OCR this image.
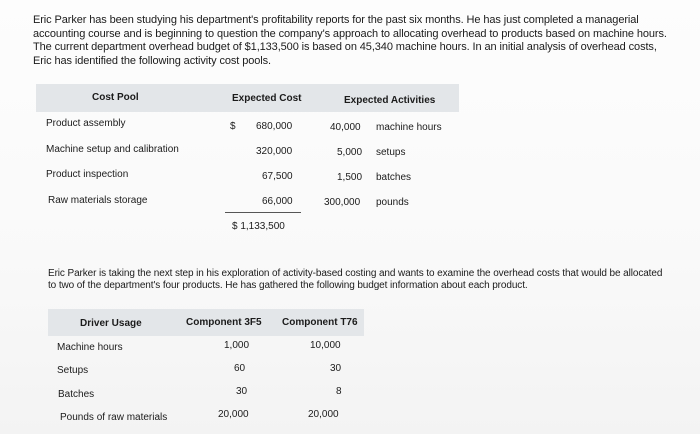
Eric Parker has been studying his department's profitability reports for the past six months. He has just completed a managerial accounting course and is beginning to question the company's approach to allocating overhead to products based on machine hours. The current department overhead budget of $1,133,500 is based on 45,340 machine hours. In an initial analysis of overhead costs, Eric has identified the following activity cost pools.

Cost Pool	Expected Cost	Expected Activities
Product assembly	$ 680,000	40,000 machine hours
Machine setup and calibration	320,000	5,000 setups
Product inspection	67,500	1,500 batches
Raw materials storage	66,000	300,000 pounds
$ 1,133,500

Eric Parker is taking the next step in his exploration of activity-based costing and wants to examine the overhead costs that would be allocated to two of the department's four products. He has gathered the following budget information about each product.

Driver Usage	Component 3F5 Component T76
Machine hours	1,000	10,000
Setups	60	30
Batches	30	8
Pounds of raw materials	20,000	20,000
